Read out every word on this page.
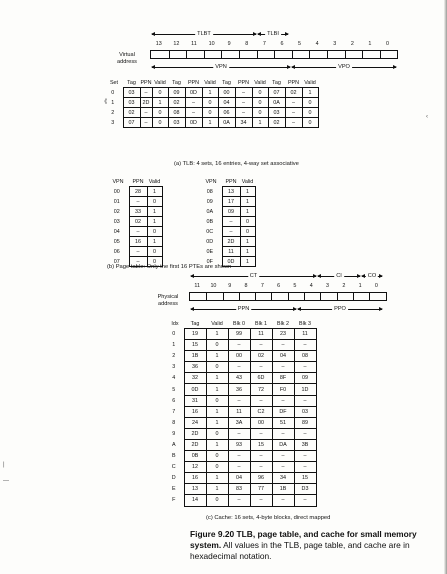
TLBT	TLBI
13	12	11	10	9	8	7	6	5	4	3	2	1	0
Virtual
address
VPN	VPO
Set	Tag	PPN	Valid	Tag	PPN	Valid	Tag	PPN	Valid	Tag	PPN	Valid
0	03	–	0	09	0D	1	00	–	0	07	02	1
1	03	2D	1	02	–	0	04	–	0	0A	–	0
2	02	–	0	08	–	0	06	–	0	03	–	0
3	07	–	0	03	0D	1	0A	34	1	02	–	0
⟪
‹
(a) TLB: 4 sets, 16 entries, 4-way set associative
VPN	PPN	Valid
00	28	1
01	–	0
02	33	1
03	02	1
04	–	0
05	16	1
06	–	0
07	–	0
VPN	PPN	Valid
08	13	1
09	17	1
0A	09	1
0B	–	0
0C	–	0
0D	2D	1
0E	11	1
0F	0D	1
(b) Page table: Only the first 16 PTEs are shown
CT	CI	CO
11	10	9	8	7	6	5	4	3	2	1	0
Physical
address
PPN	PPO
Idx	Tag	Valid	Blk 0	Blk 1	Blk 2	Blk 3
0	19	1	99	11	23	11
1	15	0	–	–	–	–
2	1B	1	00	02	04	08
3	36	0	–	–	–	–
4	32	1	43	6D	8F	09
5	0D	1	36	72	F0	1D
6	31	0	–	–	–	–
7	16	1	11	C2	DF	03
8	24	1	3A	00	51	89
9	2D	0	–	–	–	–
A	2D	1	93	15	DA	3B
B	0B	0	–	–	–	–
C	12	0	–	–	–	–
D	16	1	04	96	34	15
E	13	1	83	77	1B	D3
F	14	0	–	–	–	–
(c) Cache: 16 sets, 4-byte blocks, direct mapped
Figure 9.20 TLB, page table, and cache for small memory system. All values in the TLB, page table, and cache are in hexadecimal notation.
|
—
